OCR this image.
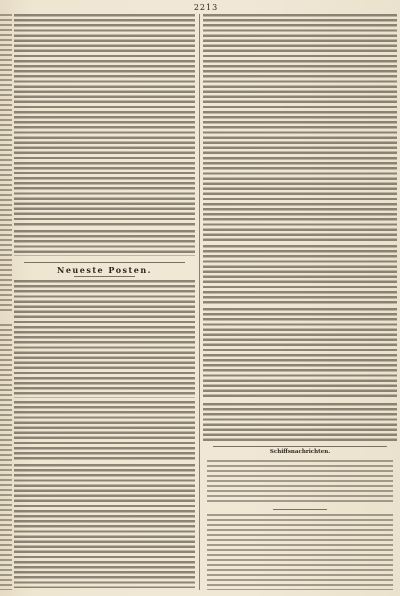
2213
Neueste Posten.
Schiffsnachrichten.
